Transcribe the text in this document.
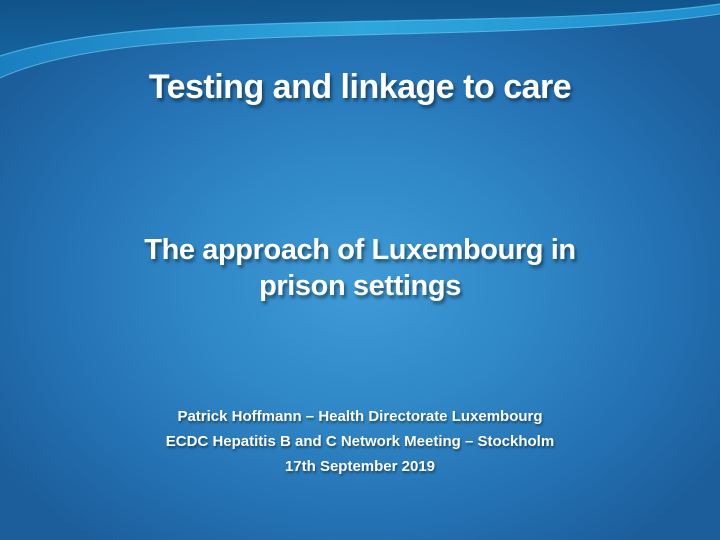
Testing and linkage to care
The approach of Luxembourg in
prison settings
Patrick Hoffmann – Health Directorate Luxembourg
ECDC Hepatitis B and C Network Meeting – Stockholm
17th September 2019
